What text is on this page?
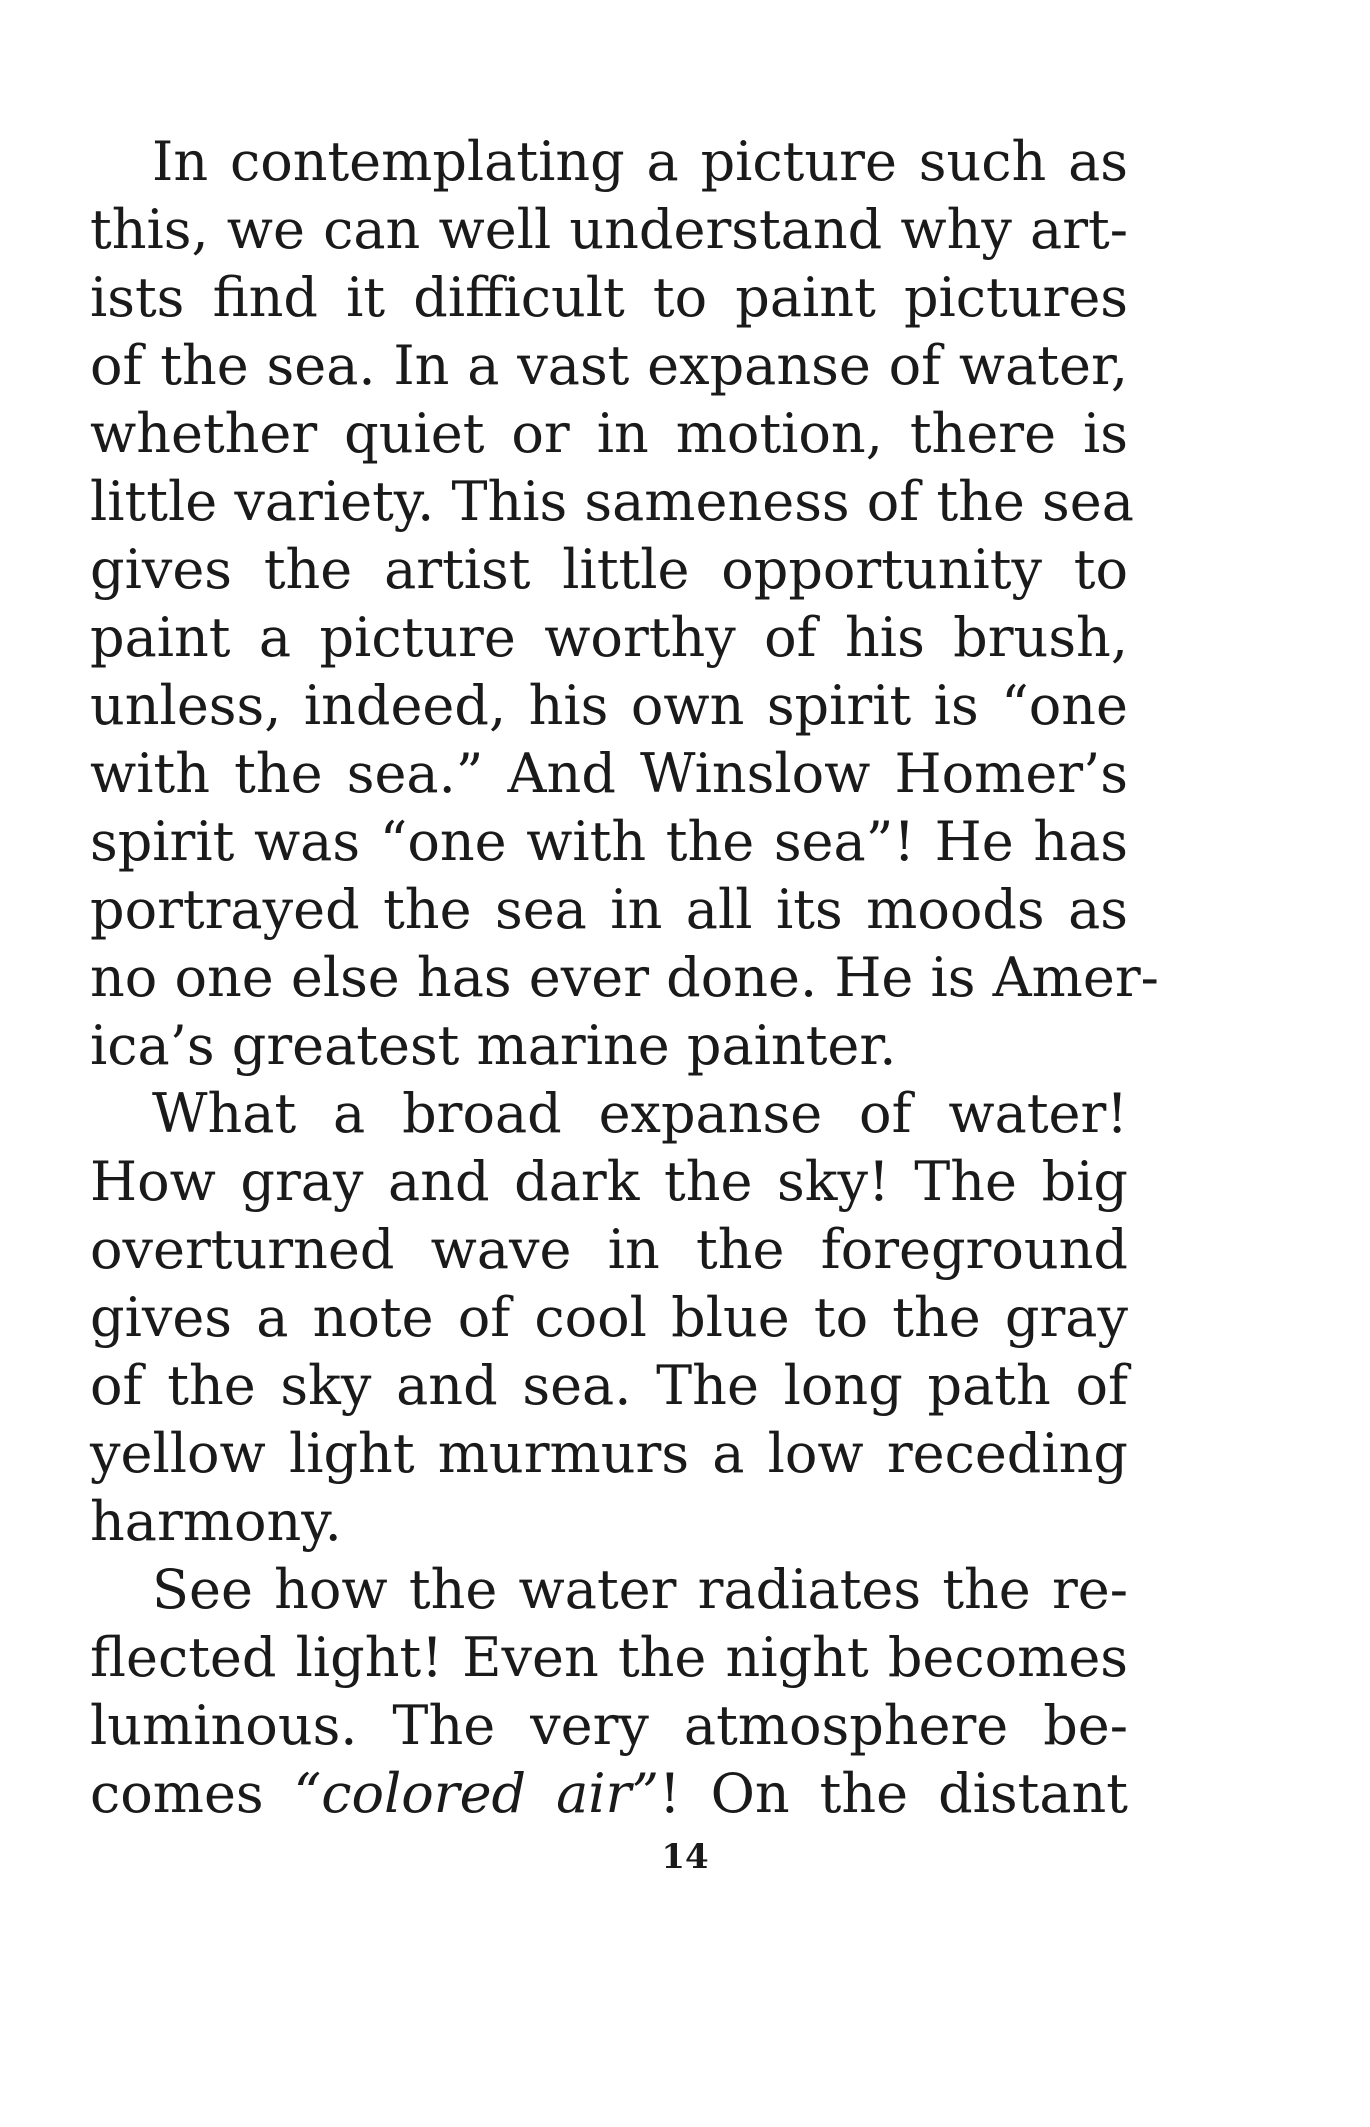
In contemplating a picture such as
this, we can well understand why art-
ists find it difficult to paint pictures
of the sea. In a vast expanse of water,
whether quiet or in motion, there is
little variety. This sameness of the sea
gives the artist little opportunity to
paint a picture worthy of his brush,
unless, indeed, his own spirit is “one
with the sea.” And Winslow Homer’s
spirit was “one with the sea”! He has
portrayed the sea in all its moods as
no one else has ever done. He is Amer-
ica’s greatest marine painter.
What a broad expanse of water!
How gray and dark the sky! The big
overturned wave in the foreground
gives a note of cool blue to the gray
of the sky and sea. The long path of
yellow light murmurs a low receding
harmony.
See how the water radiates the re-
flected light! Even the night becomes
luminous. The very atmosphere be-
comes “colored air”! On the distant
14
